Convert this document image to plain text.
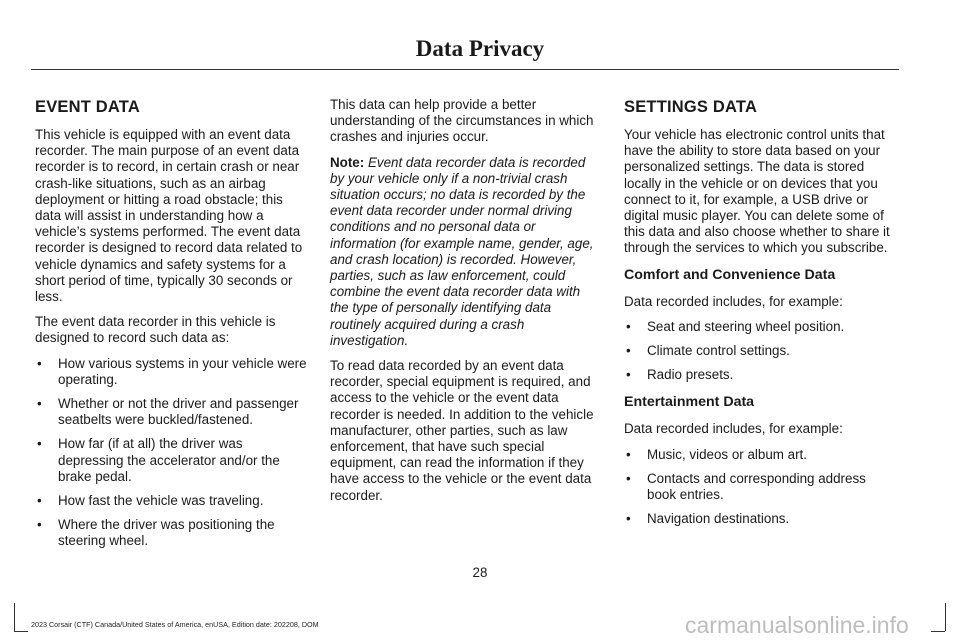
Data Privacy
EVENT DATA

This vehicle is equipped with an event data recorder. The main purpose of an event data recorder is to record, in certain crash or near crash-like situations, such as an airbag deployment or hitting a road obstacle; this data will assist in understanding how a vehicle’s systems performed. The event data recorder is designed to record data related to vehicle dynamics and safety systems for a short period of time, typically 30 seconds or less.

The event data recorder in this vehicle is designed to record such data as:

• How various systems in your vehicle were operating.
• Whether or not the driver and passenger seatbelts were buckled/fastened.
• How far (if at all) the driver was depressing the accelerator and/or the brake pedal.
• How fast the vehicle was traveling.
• Where the driver was positioning the steering wheel.

This data can help provide a better understanding of the circumstances in which crashes and injuries occur.

Note: Event data recorder data is recorded by your vehicle only if a non-trivial crash situation occurs; no data is recorded by the event data recorder under normal driving conditions and no personal data or information (for example name, gender, age, and crash location) is recorded. However, parties, such as law enforcement, could combine the event data recorder data with the type of personally identifying data routinely acquired during a crash investigation.

To read data recorded by an event data recorder, special equipment is required, and access to the vehicle or the event data recorder is needed. In addition to the vehicle manufacturer, other parties, such as law enforcement, that have such special equipment, can read the information if they have access to the vehicle or the event data recorder.

SETTINGS DATA

Your vehicle has electronic control units that have the ability to store data based on your personalized settings. The data is stored locally in the vehicle or on devices that you connect to it, for example, a USB drive or digital music player. You can delete some of this data and also choose whether to share it through the services to which you subscribe.

Comfort and Convenience Data

Data recorded includes, for example:

• Seat and steering wheel position.
• Climate control settings.
• Radio presets.
Entertainment Data

Data recorded includes, for example:

• Music, videos or album art.
• Contacts and corresponding address book entries.
• Navigation destinations.
28
2023 Corsair (CTF) Canada/United States of America, enUSA, Edition date: 202208, DOM	carmanualsonline.info
